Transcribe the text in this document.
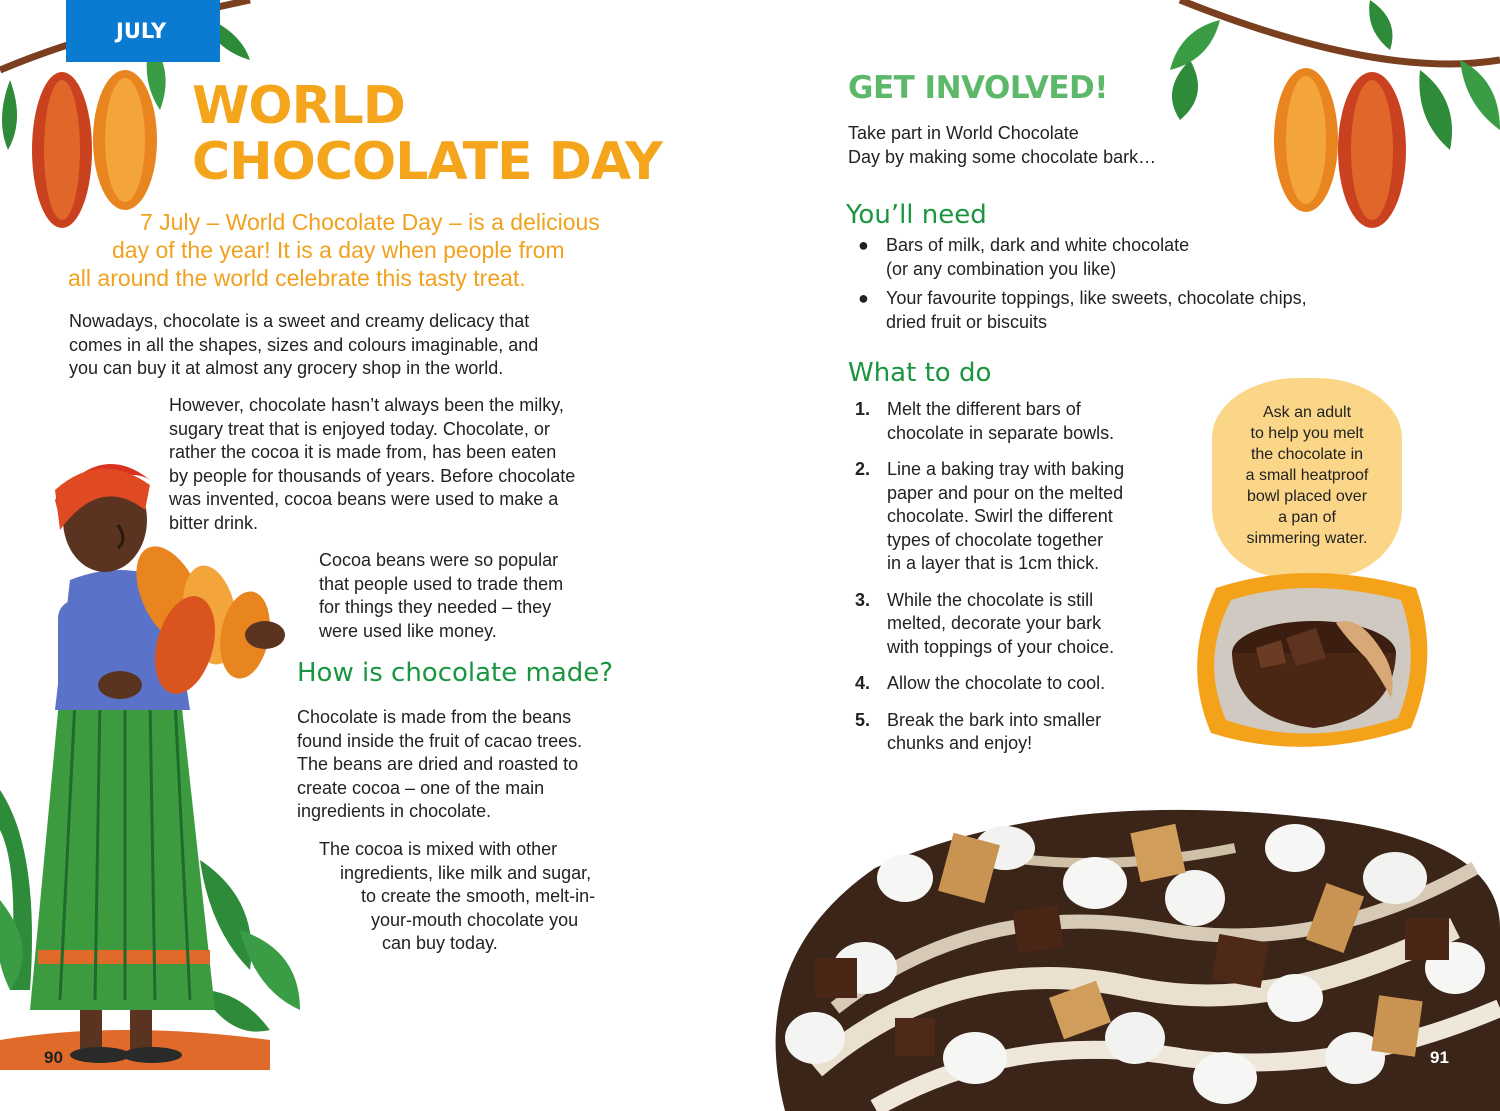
JULY
WORLD
CHOCOLATE DAY
7 July – World Chocolate Day – is a delicious
day of the year! It is a day when people from
all around the world celebrate this tasty treat.
Nowadays, chocolate is a sweet and creamy delicacy that
comes in all the shapes, sizes and colours imaginable, and
you can buy it at almost any grocery shop in the world.
However, chocolate hasn’t always been the milky,
sugary treat that is enjoyed today. Chocolate, or
rather the cocoa it is made from, has been eaten
by people for thousands of years. Before chocolate
was invented, cocoa beans were used to make a
bitter drink.
Cocoa beans were so popular
that people used to trade them
for things they needed – they
were used like money.
How is chocolate made?
Chocolate is made from the beans
found inside the fruit of cacao trees.
The beans are dried and roasted to
create cocoa – one of the main
ingredients in chocolate.
The cocoa is mixed with other
ingredients, like milk and sugar,
to create the smooth, melt-in-
your-mouth chocolate you
can buy today.
90
GET INVOLVED!
Take part in World Chocolate
Day by making some chocolate bark…
You’ll need
● Bars of milk, dark and white chocolate
(or any combination you like)
● Your favourite toppings, like sweets, chocolate chips,
dried fruit or biscuits
What to do
1. Melt the different bars of
chocolate in separate bowls.
2. Line a baking tray with baking
paper and pour on the melted
chocolate. Swirl the different
types of chocolate together
in a layer that is 1cm thick.
3. While the chocolate is still
melted, decorate your bark
with toppings of your choice.
4. Allow the chocolate to cool.
5. Break the bark into smaller
chunks and enjoy!
Ask an adult
to help you melt
the chocolate in
a small heatproof
bowl placed over
a pan of
simmering water.
91
